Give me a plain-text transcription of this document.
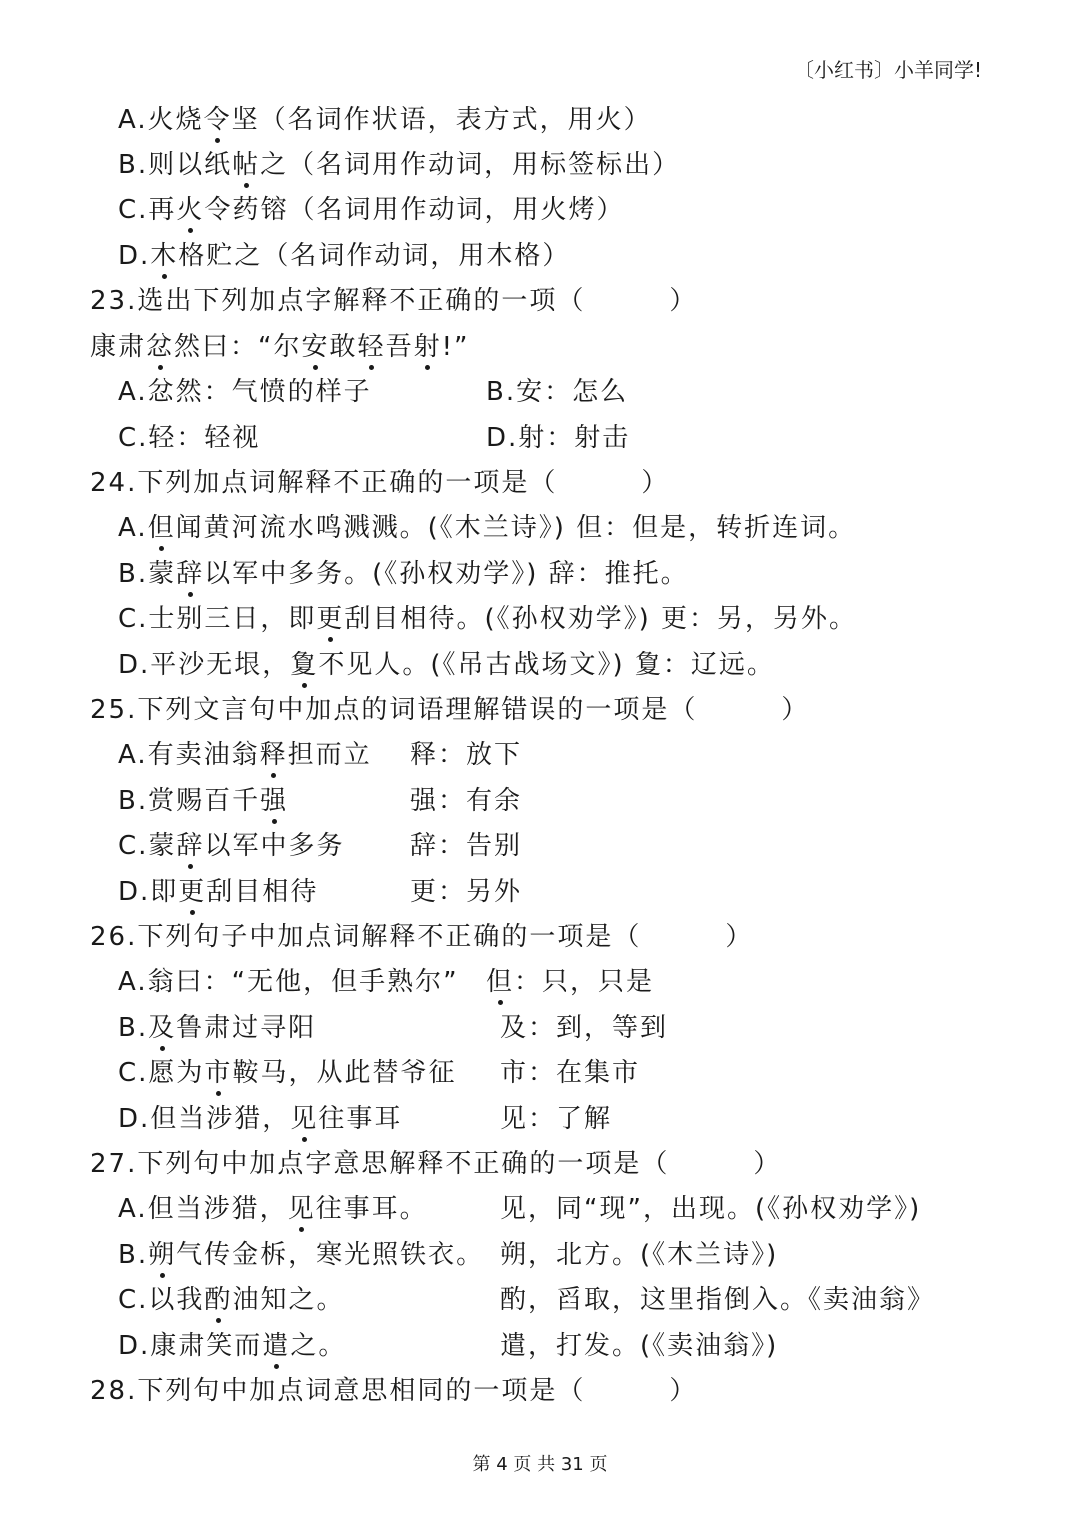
〔小红书〕小羊同学!
A.火烧令坚（名词作状语，表方式，用火）
B.则以纸帖之（名词用作动词，用标签标出）
C.再火令药镕（名词用作动词，用火烤）
D.木格贮之（名词作动词，用木格）
23.选出下列加点字解释不正确的一项（　　　）
康肃忿然曰：“尔安敢轻吾射!”
A.忿然：气愤的样子	B.安：怎么
C.轻：轻视	D.射：射击
24.下列加点词解释不正确的一项是（　　　）
A.但闻黄河流水鸣溅溅。(《木兰诗》) 但：但是，转折连词。
B.蒙辞以军中多务。(《孙权劝学》) 辞：推托。
C.士别三日，即更刮目相待。(《孙权劝学》) 更：另，另外。
D.平沙无垠，夐不见人。(《吊古战场文》) 夐：辽远。
25.下列文言句中加点的词语理解错误的一项是（　　　）
A.有卖油翁释担而立 释：放下
B.赏赐百千强	强：有余
C.蒙辞以军中多务	辞：告别
D.即更刮目相待	更：另外
26.下列句子中加点词解释不正确的一项是（　　　）
A.翁曰：“无他，但手熟尔” 但：只，只是
B.及鲁肃过寻阳	及：到，等到
C.愿为市鞍马，从此替爷征 市：在集市
D.但当涉猎，见往事耳	见：了解
27.下列句中加点字意思解释不正确的一项是（　　　）
A.但当涉猎，见往事耳。	见，同“现”，出现。(《孙权劝学》)
B.朔气传金柝，寒光照铁衣。 朔，北方。(《木兰诗》)
C.以我酌油知之。	酌，舀取，这里指倒入。《卖油翁》
D.康肃笑而遣之。	遣，打发。(《卖油翁》)
28.下列句中加点词意思相同的一项是（　　　）
第 4 页 共 31 页
